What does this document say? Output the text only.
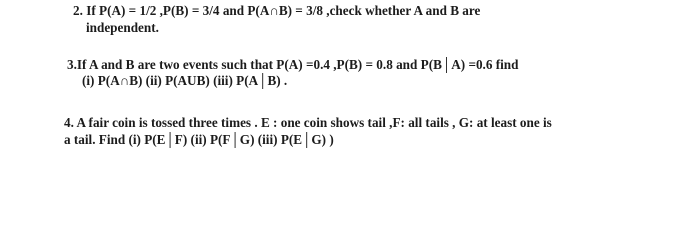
2. If P(A) = 1/2 ,P(B) = 3/4 and P(A∩B) = 3/8 ,check whether A and B are
independent.
3.If A and B are two events such that P(A) =0.4 ,P(B) = 0.8 and P(B│A) =0.6 find
(i) P(A∩B) (ii) P(AUB) (iii) P(A│B) .
4. A fair coin is tossed three times . E : one coin shows tail ,F: all tails , G: at least one is
a tail. Find (i) P(E│F) (ii) P(F│G) (iii) P(E│G) )
